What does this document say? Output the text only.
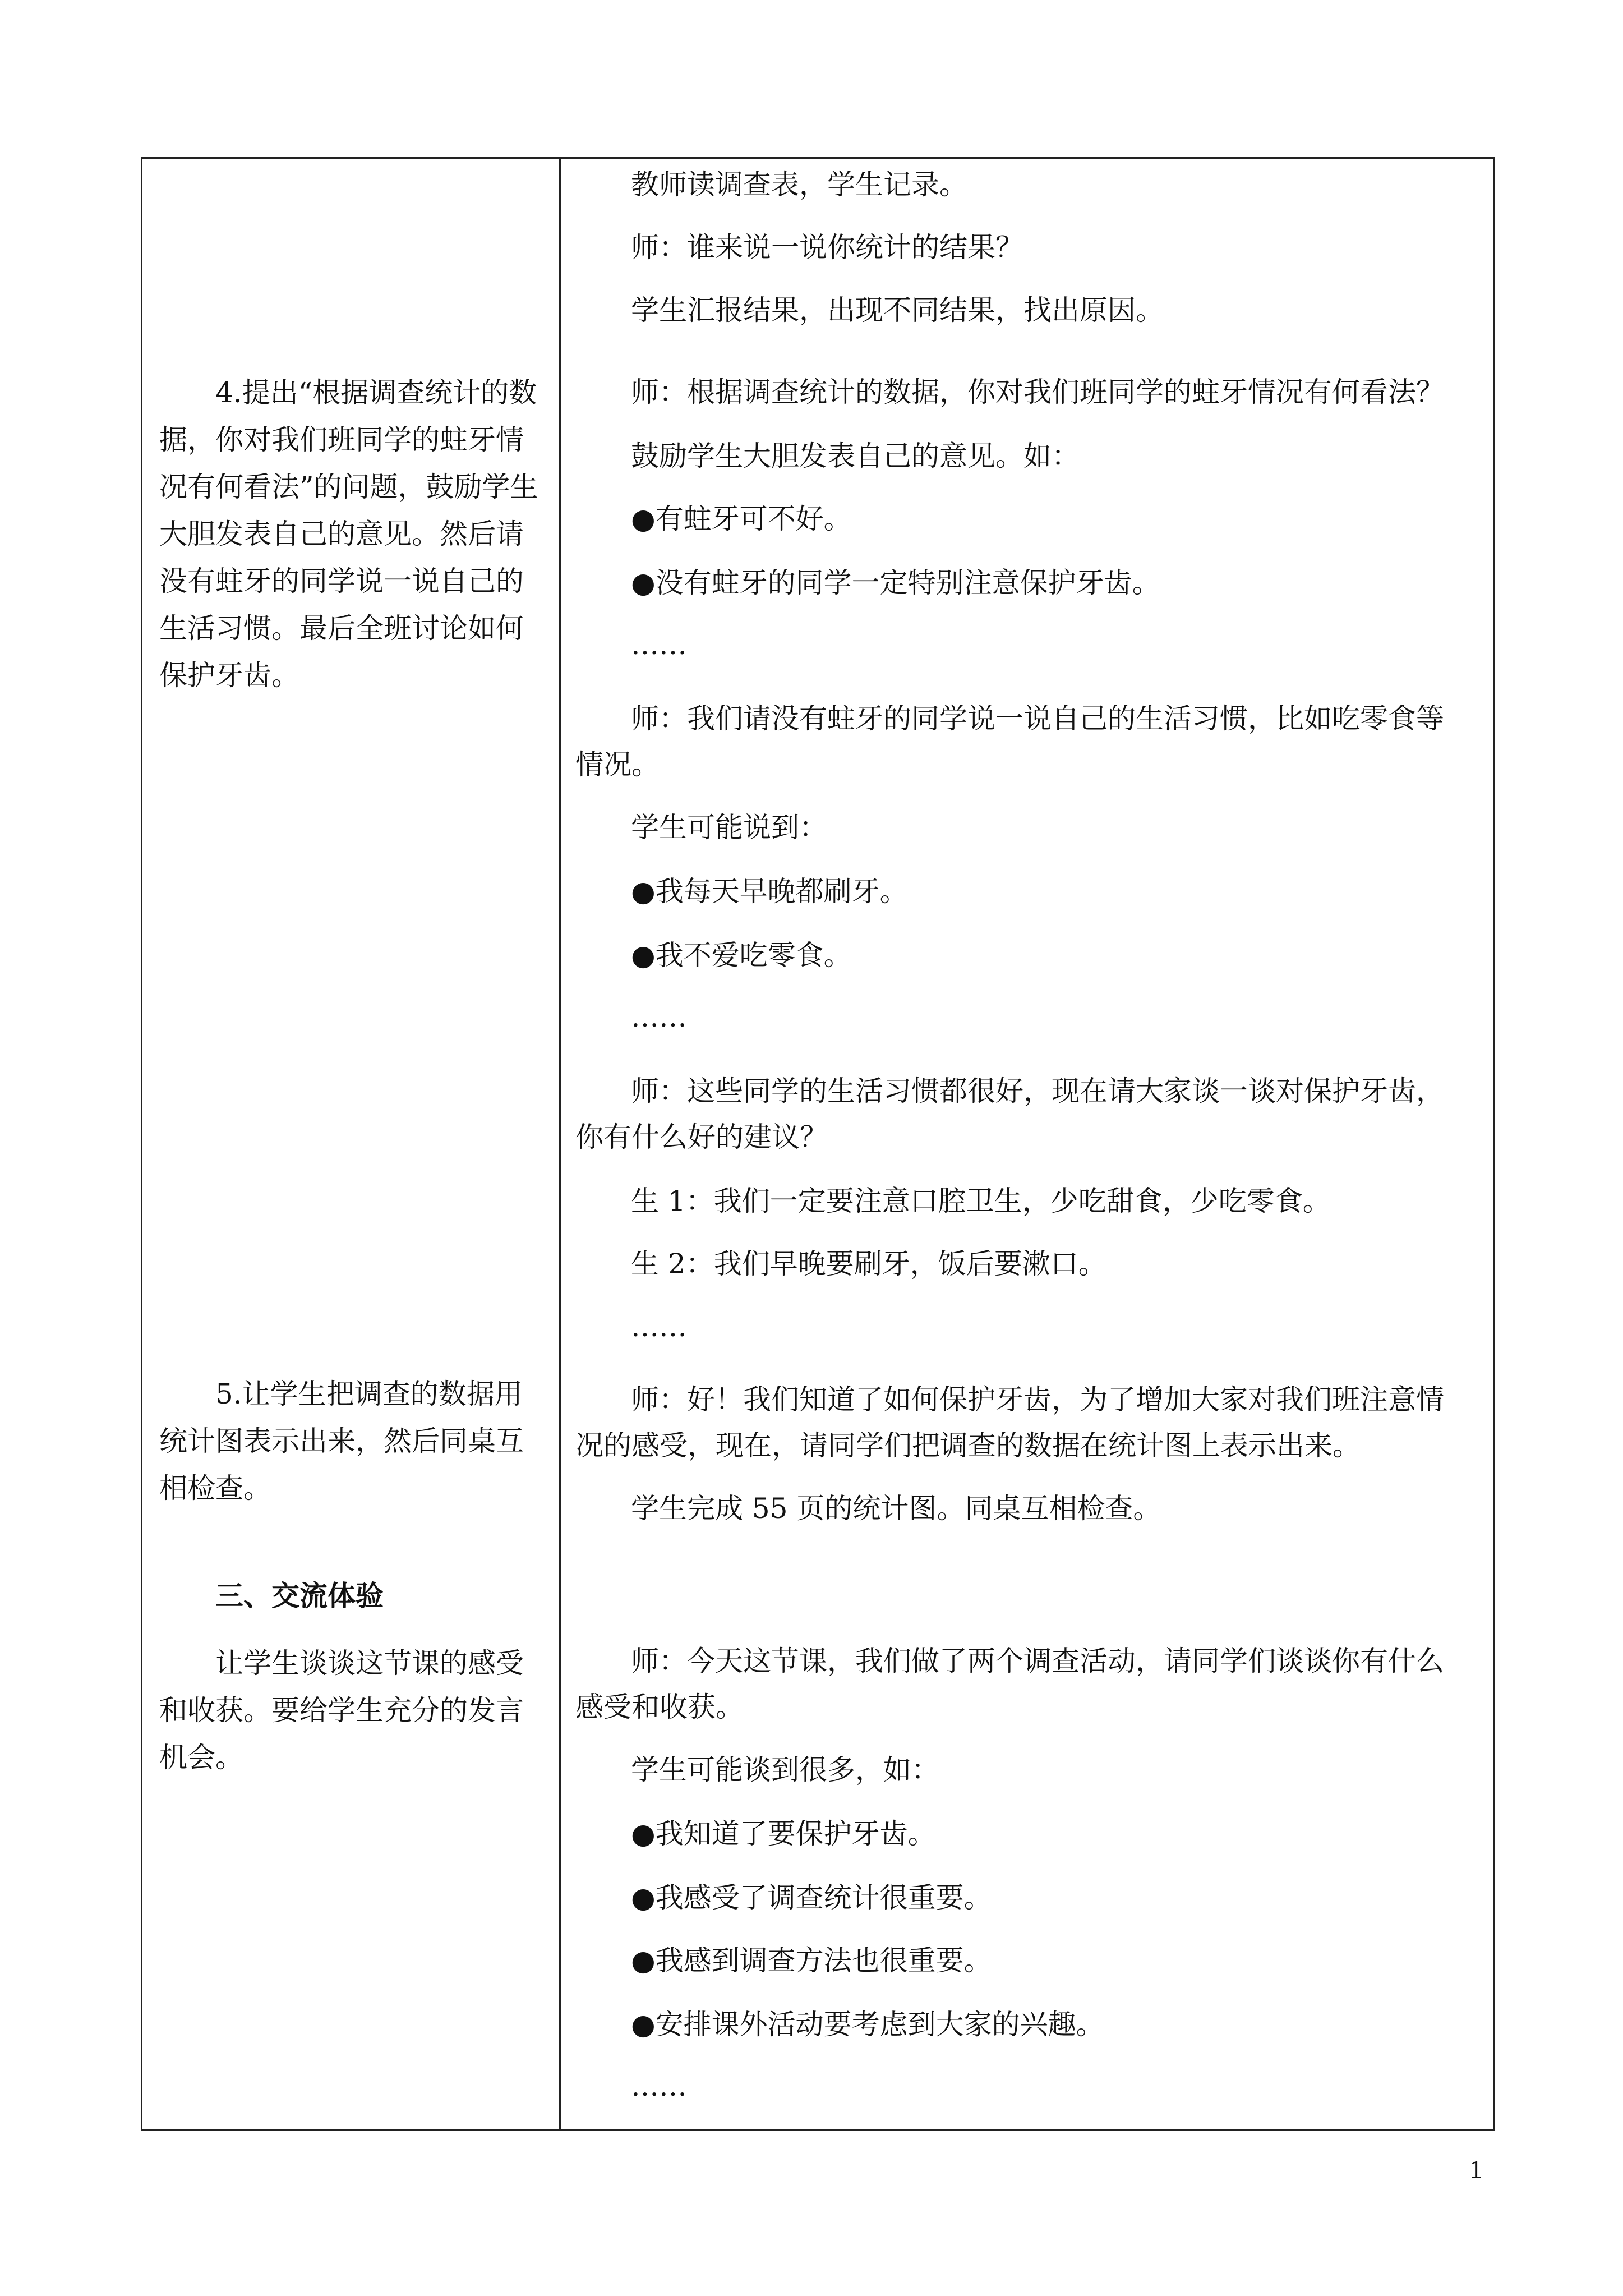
　　4.提出“根据调查统计的数据，你对我们班同学的蛀牙情况有何看法”的问题，鼓励学生大胆发表自己的意见。然后请没有蛀牙的同学说一说自己的生活习惯。最后全班讨论如何保护牙齿。
　　5.让学生把调查的数据用统计图表示出来，然后同桌互相检查。
三、交流体验
　　让学生谈谈这节课的感受和收获。要给学生充分的发言机会。
教师读调查表，学生记录。
师：谁来说一说你统计的结果？
学生汇报结果，出现不同结果，找出原因。
师：根据调查统计的数据，你对我们班同学的蛀牙情况有何看法？
鼓励学生大胆发表自己的意见。如：
●有蛀牙可不好。
●没有蛀牙的同学一定特别注意保护牙齿。
……
师：我们请没有蛀牙的同学说一说自己的生活习惯，比如吃零食等
情况。
学生可能说到：
●我每天早晚都刷牙。
●我不爱吃零食。
……
师：这些同学的生活习惯都很好，现在请大家谈一谈对保护牙齿，
你有什么好的建议？
生 1：我们一定要注意口腔卫生，少吃甜食，少吃零食。
生 2：我们早晚要刷牙，饭后要漱口。
……
师：好！我们知道了如何保护牙齿，为了增加大家对我们班注意情
况的感受，现在，请同学们把调查的数据在统计图上表示出来。
学生完成 55 页的统计图。同桌互相检查。
师：今天这节课，我们做了两个调查活动，请同学们谈谈你有什么
感受和收获。
学生可能谈到很多，如：
●我知道了要保护牙齿。
●我感受了调查统计很重要。
●我感到调查方法也很重要。
●安排课外活动要考虑到大家的兴趣。
……
1
